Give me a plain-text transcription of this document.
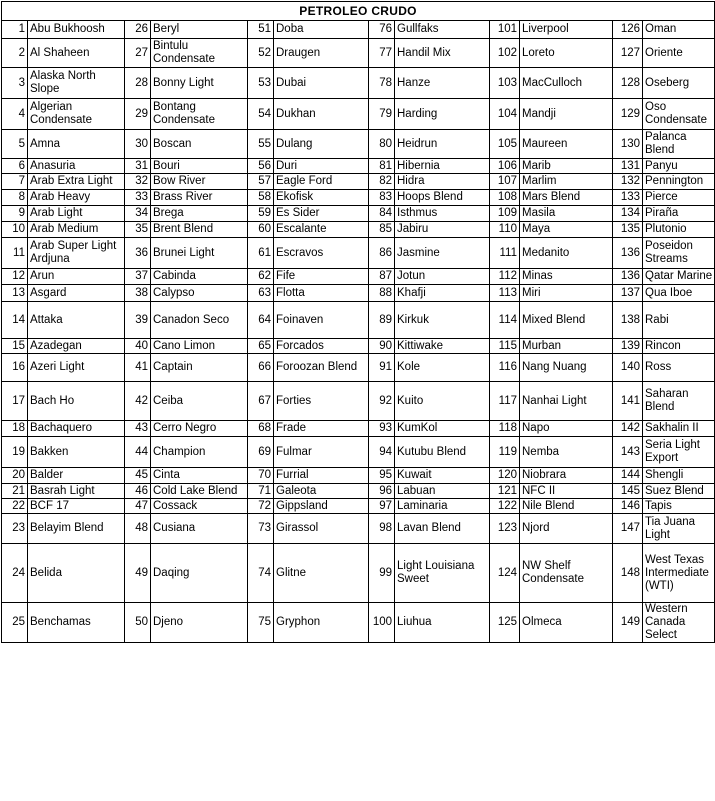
PETROLEO CRUDO											
1	Abu Bukhoosh	26	Beryl	51	Doba	76	Gullfaks	101	Liverpool	126	Oman
2	Al Shaheen	27	Bintulu Condensate	52	Draugen	77	Handil Mix	102	Loreto	127	Oriente
3	Alaska North Slope	28	Bonny Light	53	Dubai	78	Hanze	103	MacCulloch	128	Oseberg
4	Algerian Condensate	29	Bontang Condensate	54	Dukhan	79	Harding	104	Mandji	129	Oso Condensate
5	Amna	30	Boscan	55	Dulang	80	Heidrun	105	Maureen	130	Palanca Blend
6	Anasuria	31	Bouri	56	Duri	81	Hibernia	106	Marib	131	Panyu
7	Arab Extra Light	32	Bow River	57	Eagle Ford	82	Hidra	107	Marlim	132	Pennington
8	Arab Heavy	33	Brass River	58	Ekofisk	83	Hoops Blend	108	Mars Blend	133	Pierce
9	Arab Light	34	Brega	59	Es Sider	84	Isthmus	109	Masila	134	Piraña
10	Arab Medium	35	Brent Blend	60	Escalante	85	Jabiru	110	Maya	135	Plutonio
11	Arab Super Light Ardjuna	36	Brunei Light	61	Escravos	86	Jasmine	111	Medanito	136	Poseidon Streams
12	Arun	37	Cabinda	62	Fife	87	Jotun	112	Minas	136	Qatar Marine
13	Asgard	38	Calypso	63	Flotta	88	Khafji	113	Miri	137	Qua Iboe
14	Attaka	39	Canadon Seco	64	Foinaven	89	Kirkuk	114	Mixed Blend	138	Rabi
15	Azadegan	40	Cano Limon	65	Forcados	90	Kittiwake	115	Murban	139	Rincon
16	Azeri Light	41	Captain	66	Foroozan Blend	91	Kole	116	Nang Nuang	140	Ross
17	Bach Ho	42	Ceiba	67	Forties	92	Kuito	117	Nanhai Light	141	Saharan Blend
18	Bachaquero	43	Cerro Negro	68	Frade	93	KumKol	118	Napo	142	Sakhalin II
19	Bakken	44	Champion	69	Fulmar	94	Kutubu Blend	119	Nemba	143	Seria Light Export
20	Balder	45	Cinta	70	Furrial	95	Kuwait	120	Niobrara	144	Shengli
21	Basrah Light	46	Cold Lake Blend	71	Galeota	96	Labuan	121	NFC II	145	Suez Blend
22	BCF 17	47	Cossack	72	Gippsland	97	Laminaria	122	Nile Blend	146	Tapis
23	Belayim Blend	48	Cusiana	73	Girassol	98	Lavan Blend	123	Njord	147	Tia Juana Light
24	Belida	49	Daqing	74	Glitne	99	Light Louisiana Sweet	124	NW Shelf Condensate	148	West Texas Intermediate (WTI)
25	Benchamas	50	Djeno	75	Gryphon	100	Liuhua	125	Olmeca	149	Western Canada Select
